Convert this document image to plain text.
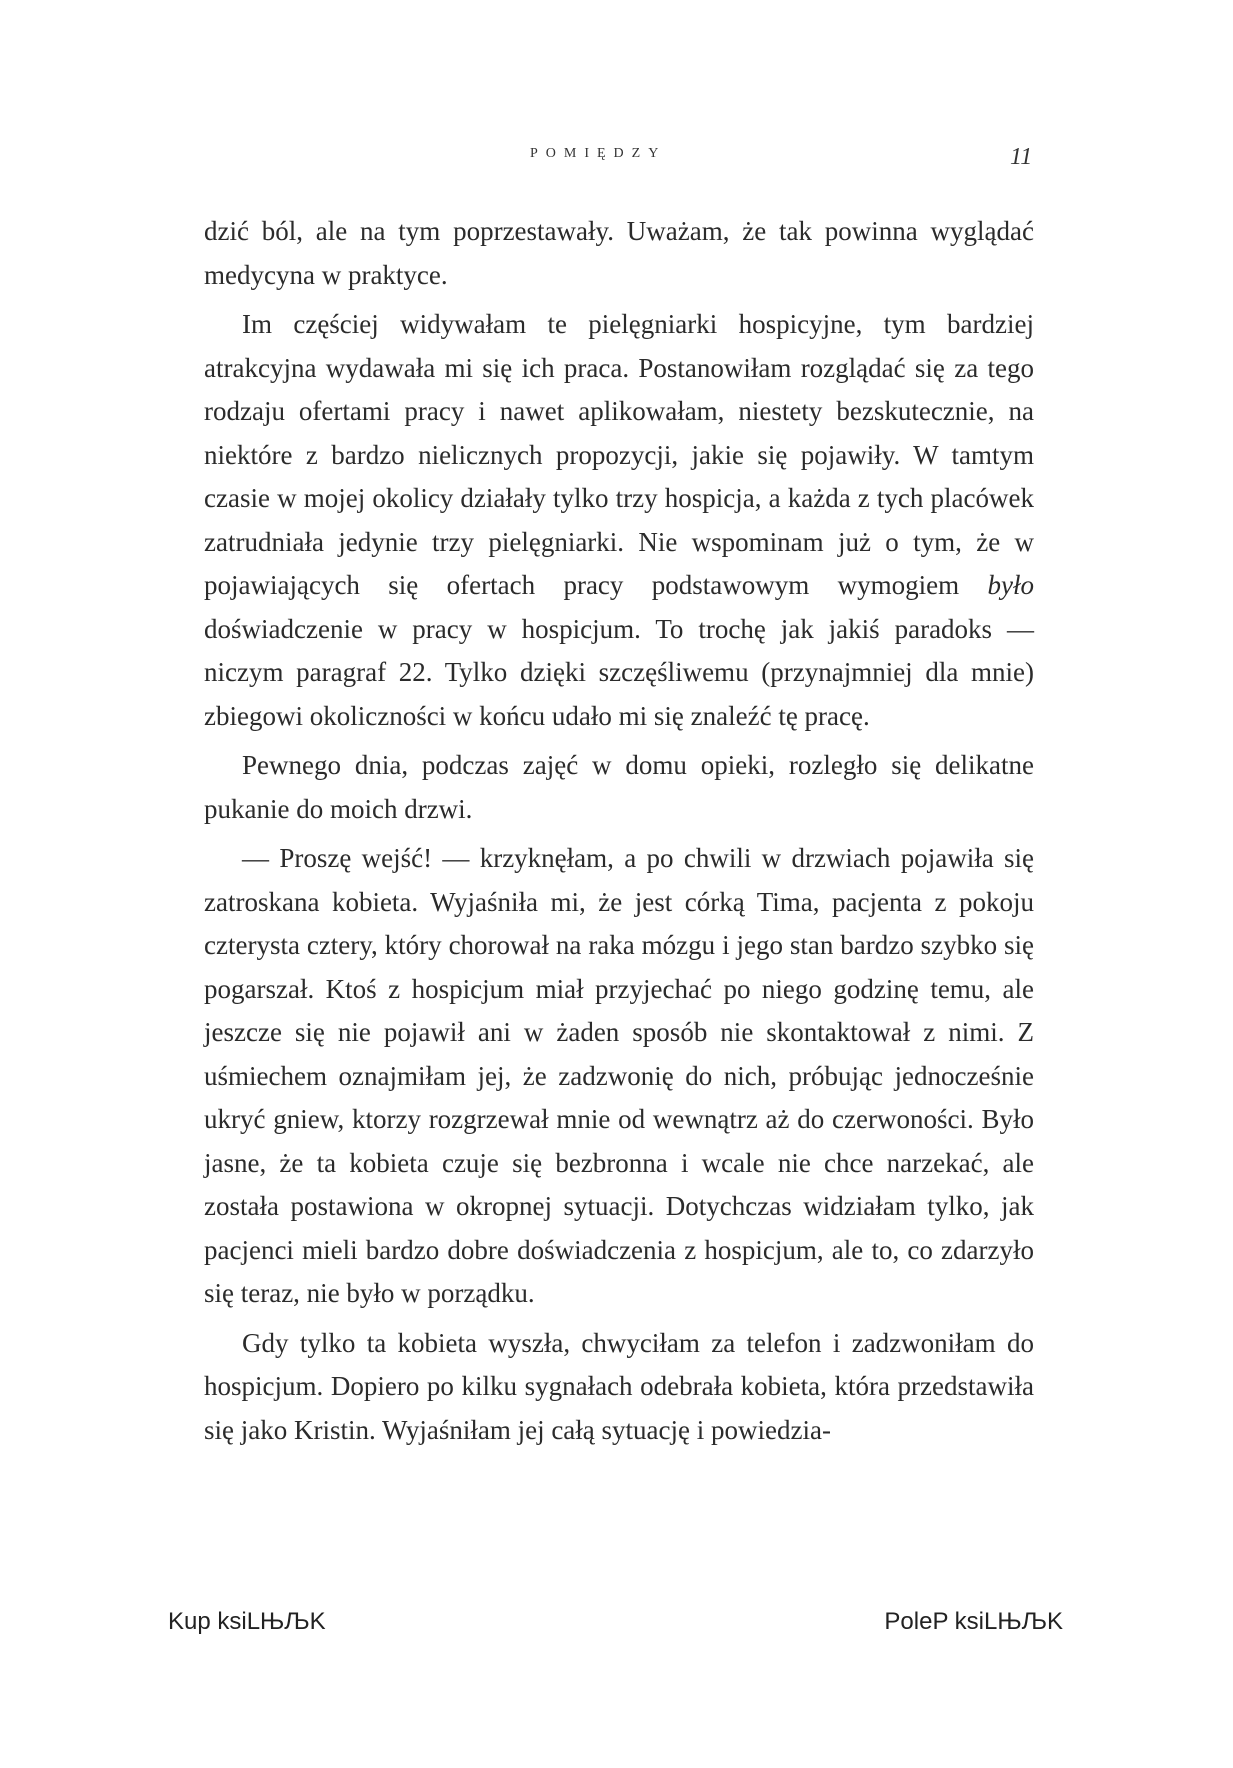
POMIĘDZY	11

dzić ból, ale na tym poprzestawały. Uważam, że tak powinna wyglądać medycyna w praktyce.

Im częściej widywałam te pielęgniarki hospicyjne, tym bardziej atrakcyjna wydawała mi się ich praca. Postanowiłam rozglądać się za tego rodzaju ofertami pracy i nawet aplikowałam, niestety bezskutecznie, na niektóre z bardzo nielicznych propozycji, jakie się pojawiły. W tamtym czasie w mojej okolicy działały tylko trzy hospicja, a każda z tych placówek zatrudniała jedynie trzy pielęgniarki. Nie wspominam już o tym, że w pojawiających się ofertach pracy podstawowym wymogiem było doświadczenie w pracy w hospicjum. To trochę jak jakiś paradoks — niczym paragraf 22. Tylko dzięki szczęśliwemu (przynajmniej dla mnie) zbiegowi okoliczności w końcu udało mi się znaleźć tę pracę.

Pewnego dnia, podczas zajęć w domu opieki, rozległo się delikatne pukanie do moich drzwi.

— Proszę wejść! — krzyknęłam, a po chwili w drzwiach pojawiła się zatroskana kobieta. Wyjaśniła mi, że jest córką Tima, pacjenta z pokoju czterysta cztery, który chorował na raka mózgu i jego stan bardzo szybko się pogarszał. Ktoś z hospicjum miał przyjechać po niego godzinę temu, ale jeszcze się nie pojawił ani w żaden sposób nie skontaktował z nimi. Z uśmiechem oznajmiłam jej, że zadzwonię do nich, próbując jednocześnie ukryć gniew, ktorzy rozgrzewał mnie od wewnątrz aż do czerwoności. Było jasne, że ta kobieta czuje się bezbronna i wcale nie chce narzekać, ale została postawiona w okropnej sytuacji. Dotychczas widziałam tylko, jak pacjenci mieli bardzo dobre doświadczenia z hospicjum, ale to, co zdarzyło się teraz, nie było w porządku.

Gdy tylko ta kobieta wyszła, chwyciłam za telefon i zadzwoniłam do hospicjum. Dopiero po kilku sygnałach odebrała kobieta, która przedstawiła się jako Kristin. Wyjaśniłam jej całą sytuację i powiedzia-

Kup ksiLЊЉK	PoleP ksiLЊЉK
